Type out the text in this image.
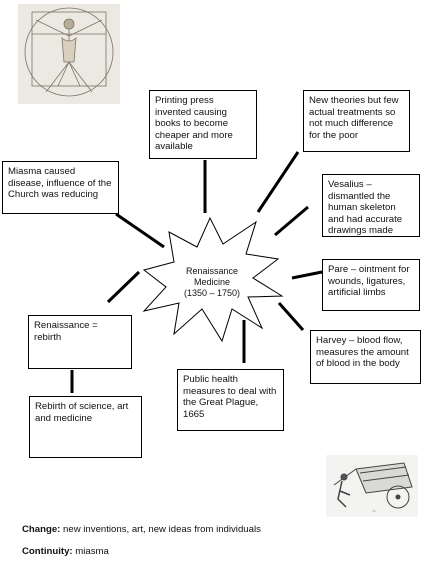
~
Renaissance
Medicine
(1350 – 1750)
Printing press invented causing books to become cheaper and more available
New theories but few actual treatments so not much difference for the poor
Miasma caused disease, influence of the Church was reducing
Vesalius – dismantled the human skeleton and had accurate drawings made
Pare – ointment for wounds, ligatures, artificial limbs
Renaissance = rebirth	Harvey – blood flow, measures the amount of blood in the body
Public health measures to deal with the Great Plague, 1665
Rebirth of science, art and medicine
Change: new inventions, art, new ideas from individuals
Continuity: miasma
